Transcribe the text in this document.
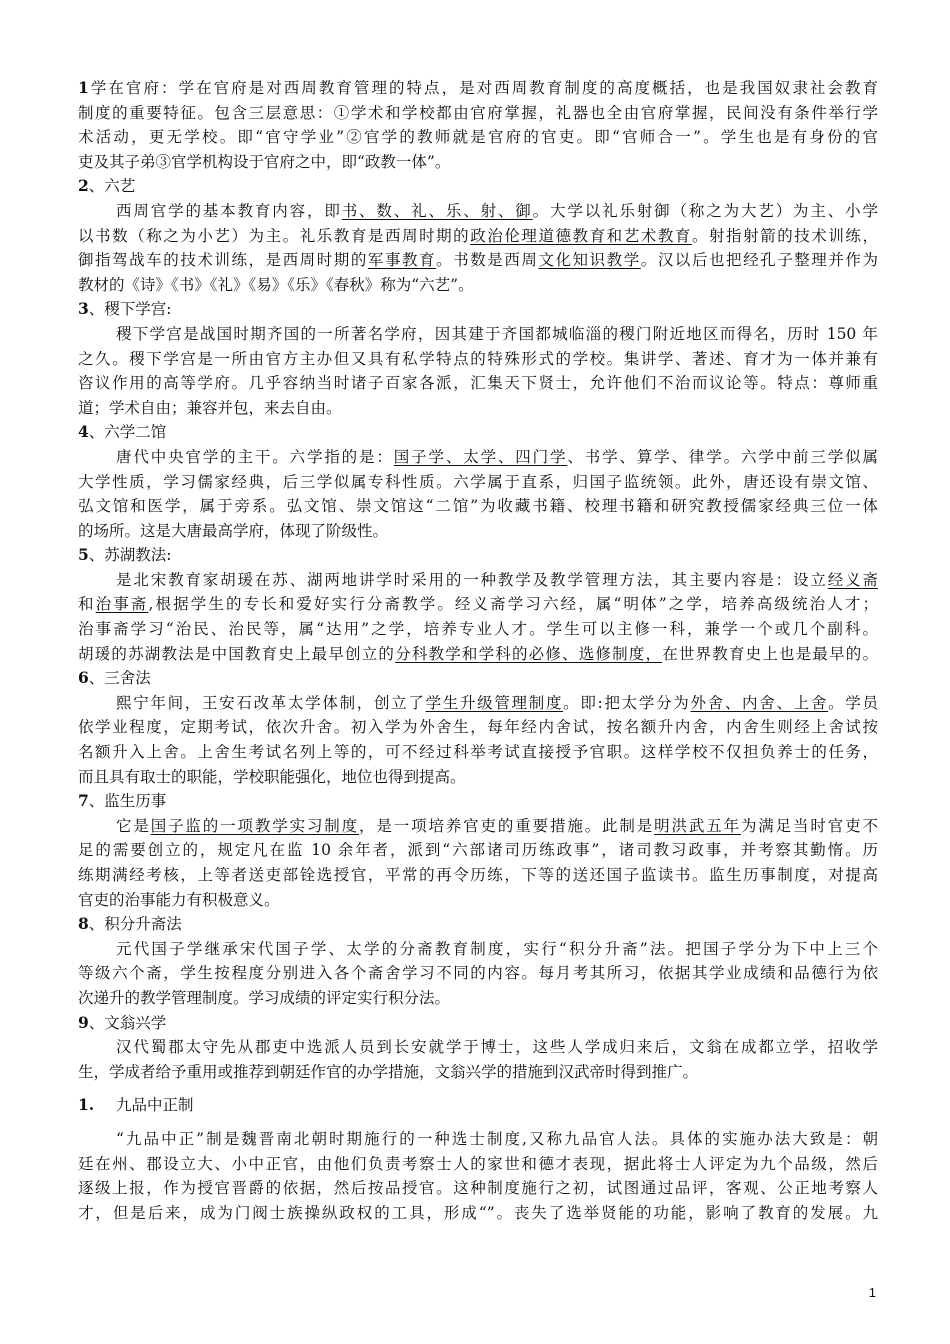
1学在官府：学在官府是对西周教育管理的特点，是对西周教育制度的高度概括，也是我国奴隶社会教育
制度的重要特征。包含三层意思：①学术和学校都由官府掌握，礼器也全由官府掌握，民间没有条件举行学
术活动，更无学校。即“官守学业”②官学的教师就是官府的官吏。即“官师合一”。学生也是有身份的官
吏及其子弟③官学机构设于官府之中，即“政教一体”。
2、六艺
西周官学的基本教育内容，即书、数、礼、乐、射、御。大学以礼乐射御（称之为大艺）为主、小学
以书数（称之为小艺）为主。礼乐教育是西周时期的政治伦理道德教育和艺术教育。射指射箭的技术训练，
御指驾战车的技术训练，是西周时期的军事教育。书数是西周文化知识教学。汉以后也把经孔子整理并作为
教材的《诗》《书》《礼》《易》《乐》《春秋》称为“六艺”。
3、稷下学宫:
稷下学宫是战国时期齐国的一所著名学府，因其建于齐国都城临淄的稷门附近地区而得名，历时 150 年
之久。稷下学宫是一所由官方主办但又具有私学特点的特殊形式的学校。集讲学、著述、育才为一体并兼有
咨议作用的高等学府。几乎容纳当时诸子百家各派，汇集天下贤士，允许他们不治而议论等。特点：尊师重
道；学术自由；兼容并包，来去自由。
4、六学二馆
唐代中央官学的主干。六学指的是：国子学、太学、四门学、书学、算学、律学。六学中前三学似属
大学性质，学习儒家经典，后三学似属专科性质。六学属于直系，归国子监统领。此外，唐还设有崇文馆、
弘文馆和医学，属于旁系。弘文馆、崇文馆这“二馆”为收藏书籍、校理书籍和研究教授儒家经典三位一体
的场所。这是大唐最高学府，体现了阶级性。
5、苏湖教法:
是北宋教育家胡瑗在苏、湖两地讲学时采用的一种教学及教学管理方法，其主要内容是：设立经义斋
和治事斋,根据学生的专长和爱好实行分斋教学。经义斋学习六经，属“明体”之学，培养高级统治人才；
治事斋学习“治民、治民等，属“达用”之学，培养专业人才。学生可以主修一科，兼学一个或几个副科。
胡瑗的苏湖教法是中国教育史上最早创立的分科教学和学科的必修、选修制度，在世界教育史上也是最早的。
6、三舍法
熙宁年间，王安石改革太学体制，创立了学生升级管理制度。即:把太学分为外舍、内舍、上舍。学员
依学业程度，定期考试，依次升舍。初入学为外舍生，每年经内舍试，按名额升内舍，内舍生则经上舍试按
名额升入上舍。上舍生考试名列上等的，可不经过科举考试直接授予官职。这样学校不仅担负养士的任务，
而且具有取士的职能，学校职能强化，地位也得到提高。
7、监生历事
它是国子监的一项教学实习制度，是一项培养官吏的重要措施。此制是明洪武五年为满足当时官吏不
足的需要创立的，规定凡在监 10 余年者，派到“六部诸司历练政事”，诸司教习政事，并考察其勤惰。历
练期满经考核，上等者送吏部铨选授官，平常的再令历练，下等的送还国子监读书。监生历事制度，对提高
官吏的治事能力有积极意义。
8、积分升斋法
元代国子学继承宋代国子学、太学的分斋教育制度，实行“积分升斋”法。把国子学分为下中上三个
等级六个斋，学生按程度分别进入各个斋舍学习不同的内容。每月考其所习，依据其学业成绩和品德行为依
次递升的教学管理制度。学习成绩的评定实行积分法。
9、文翁兴学
汉代蜀郡太守先从郡吏中选派人员到长安就学于博士，这些人学成归来后，文翁在成都立学，招收学
生，学成者给予重用或推荐到朝廷作官的办学措施，文翁兴学的措施到汉武帝时得到推广。
1. 九品中正制
“九品中正”制是魏晋南北朝时期施行的一种选士制度,又称九品官人法。具体的实施办法大致是：朝
廷在州、郡设立大、小中正官，由他们负责考察士人的家世和德才表现，据此将士人评定为九个品级，然后
逐级上报，作为授官晋爵的依据，然后按品授官。这种制度施行之初，试图通过品评，客观、公正地考察人
才，但是后来，成为门阀士族操纵政权的工具，形成“”。丧失了选举贤能的功能，影响了教育的发展。九
1
